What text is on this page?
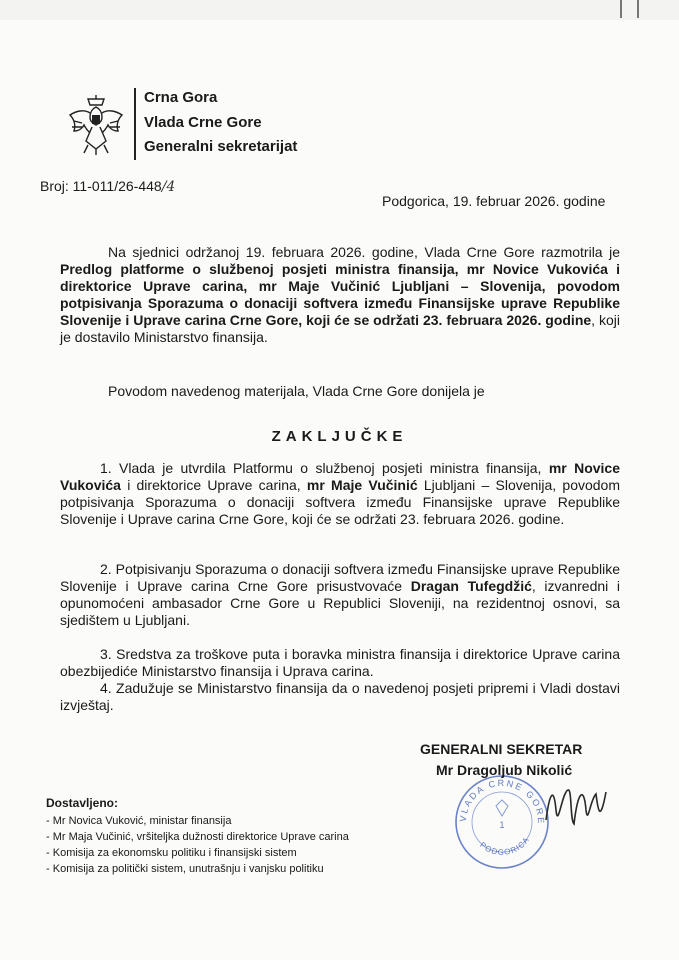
Crna Gora
Vlada Crne Gore
Generalni sekretarijat
Broj: 11-011/26-448/4
Podgorica, 19. februar 2026. godine

Na sjednici održanoj 19. februara 2026. godine, Vlada Crne Gore razmotrila je Predlog platforme o službenoj posjeti ministra finansija, mr Novice Vukovića i direktorice Uprave carina, mr Maje Vučinić Ljubljani – Slovenija, povodom potpisivanja Sporazuma o donaciji softvera između Finansijske uprave Republike Slovenije i Uprave carina Crne Gore, koji će se održati 23. februara 2026. godine, koji je dostavilo Ministarstvo finansija.

Povodom navedenog materijala, Vlada Crne Gore donijela je
ZAKLJUČKE

1. Vlada je utvrdila Platformu o službenoj posjeti ministra finansija, mr Novice Vukovića i direktorice Uprave carina, mr Maje Vučinić Ljubljani – Slovenija, povodom potpisivanja Sporazuma o donaciji softvera između Finansijske uprave Republike Slovenije i Uprave carina Crne Gore, koji će se održati 23. februara 2026. godine.

2. Potpisivanju Sporazuma o donaciji softvera između Finansijske uprave Republike Slovenije i Uprave carina Crne Gore prisustvovaće Dragan Tufegdžić, izvanredni i opunomoćeni ambasador Crne Gore u Republici Sloveniji, na rezidentnoj osnovi, sa sjedištem u Ljubljani.

3. Sredstva za troškove puta i boravka ministra finansija i direktorice Uprave carina obezbijediće Ministarstvo finansija i Uprava carina.
4. Zadužuje se Ministarstvo finansija da o navedenoj posjeti pripremi i Vladi dostavi izvještaj.
GENERALNI SEKRETAR
VLADA CRNE GORE
1
PODGORICA
Mr Dragoljub Nikolić
Dostavljeno:
- Mr Novica Vuković, ministar finansija
- Mr Maja Vučinić, vršiteljka dužnosti direktorice Uprave carina
- Komisija za ekonomsku politiku i finansijski sistem
- Komisija za politički sistem, unutrašnju i vanjsku politiku
